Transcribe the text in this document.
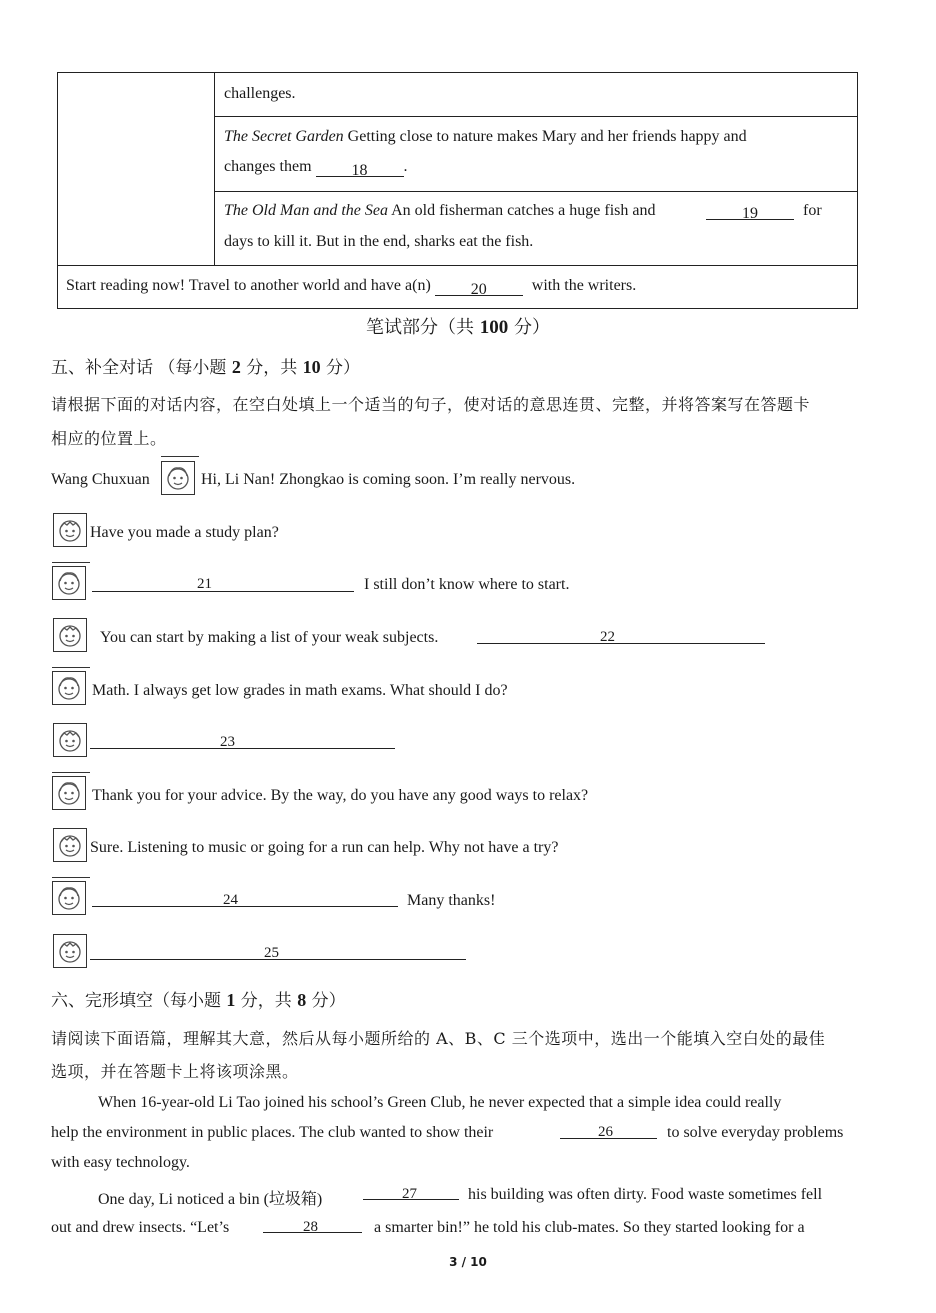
challenges.
The Secret Garden Getting close to nature makes Mary and her friends happy and
changes them 18 .
The Old Man and the Sea An old fisherman catches a huge fish and	19	for
days to kill it. But in the end, sharks eat the fish.
Start reading now! Travel to another world and have a(n) 20	with the writers.
笔试部分（共 100 分）
五、补全对话 （每小题 2 分，共 10 分）
请根据下面的对话内容，在空白处填上一个适当的句子，使对话的意思连贯、完整，并将答案写在答题卡
相应的位置上。
Wang Chuxuan	Hi, Li Nan! Zhongkao is coming soon. I’m really nervous.
Have you made a study plan?
21	I still don’t know where to start.
You can start by making a list of your weak subjects.	22
Math. I always get low grades in math exams. What should I do?
23
Thank you for your advice. By the way, do you have any good ways to relax?
Sure. Listening to music or going for a run can help. Why not have a try?
24	Many thanks!
25
六、完形填空（每小题 1 分，共 8 分）
请阅读下面语篇，理解其大意，然后从每小题所给的 A、B、C 三个选项中，选出一个能填入空白处的最佳
选项，并在答题卡上将该项涂黑。
When 16-year-old Li Tao joined his school’s Green Club, he never expected that a simple idea could really
help the environment in public places. The club wanted to show their	26	to solve everyday problems
with easy technology.
One day, Li noticed a bin (垃圾箱)	27	his building was often dirty. Food waste sometimes fell
out and drew insects. “Let’s	28	a smarter bin!” he told his club-mates. So they started looking for a
3 / 10
